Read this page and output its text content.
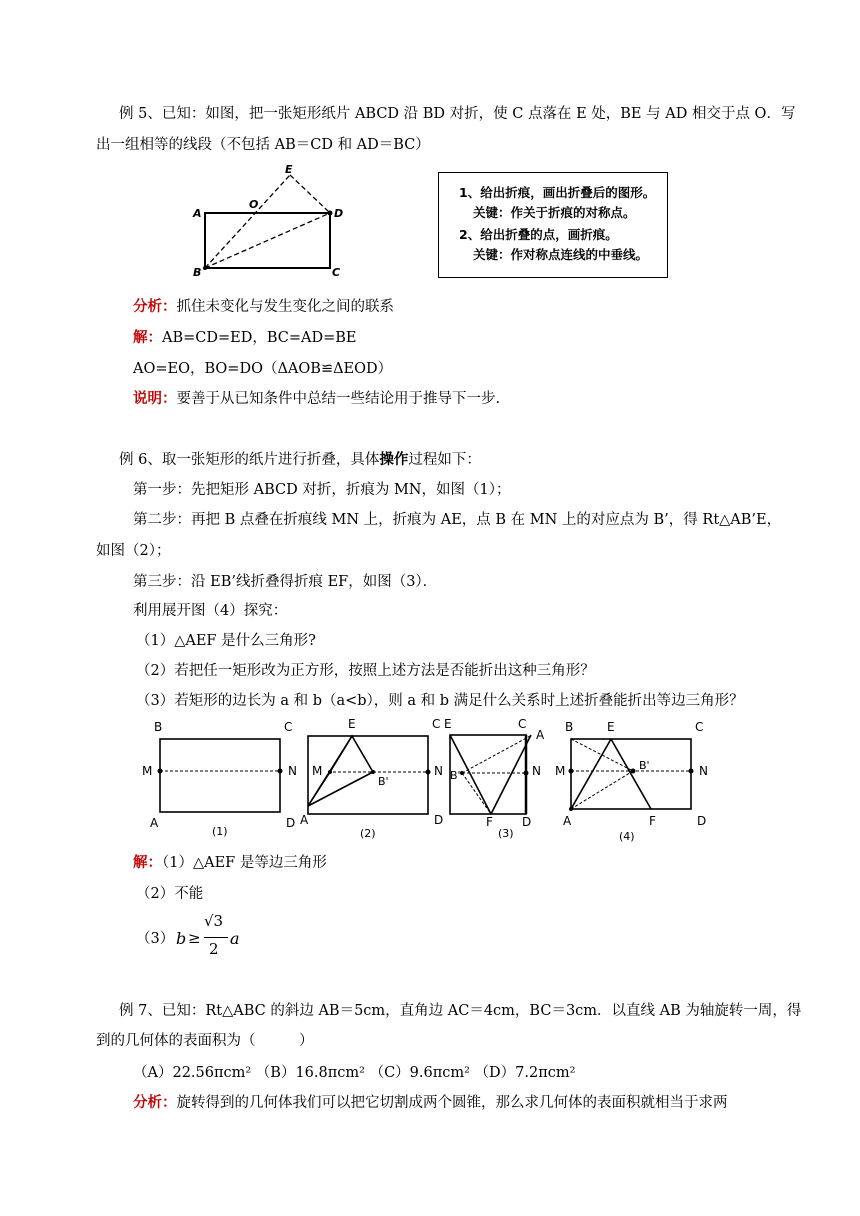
例 5、已知：如图，把一张矩形纸片 ABCD 沿 BD 对折，使 C 点落在 E 处，BE 与 AD 相交于点 O．写
出一组相等的线段（不包括 AB＝CD 和 AD＝BC）
E
O
A	D
B	C
1、给出折痕，画出折叠后的图形。
关键：作关于折痕的对称点。
2、给出折叠的点，画折痕。
关键：作对称点连线的中垂线。
分析：抓住未变化与发生变化之间的联系
解：AB=CD=ED，BC=AD=BE
AO=EO，BO=DO（ΔAOB≌ΔEOD）
说明：要善于从已知条件中总结一些结论用于推导下一步.
例 6、取一张矩形的纸片进行折叠，具体操作过程如下：
第一步：先把矩形 ABCD 对折，折痕为 MN，如图（1）；
第二步：再把 B 点叠在折痕线 MN 上，折痕为 AE，点 B 在 MN 上的对应点为 B’，得 Rt△AB’E，
如图（2）；
第三步：沿 EB’线折叠得折痕 EF，如图（3）．
利用展开图（4）探究：
（1）△AEF 是什么三角形?
（2）若把任一矩形改为正方形，按照上述方法是否能折出这种三角形？
（3）若矩形的边长为 a 和 b（a<b），则 a 和 b 满足什么关系时上述折叠能折出等边三角形？
B	C
M	N
A	D
(1)
E	C
M
B'
N
A	D
(2)
E	C
A
B'	N
F D
(3)
B	E	C
M	B'	N
A	F	D
(4)
解：（1）△AEF 是等边三角形
（2）不能
（3） b ≥
√3
2
a
例 7、已知：Rt△ABC 的斜边 AB＝5cm，直角边 AC＝4cm，BC＝3cm．以直线 AB 为轴旋转一周，得
到的几何体的表面积为（　　　）
（A）22.56πcm² （B）16.8πcm² （C）9.6πcm² （D）7.2πcm²
分析：旋转得到的几何体我们可以把它切割成两个圆锥，那么求几何体的表面积就相当于求两
